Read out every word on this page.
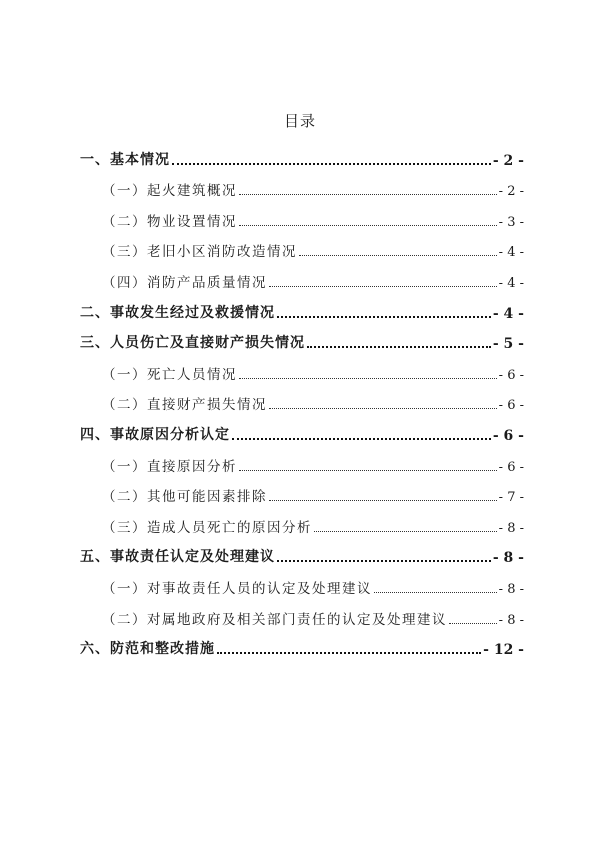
目录
一、基本情况	- 2 -
（一）起火建筑概况	- 2 -
（二）物业设置情况	- 3 -
（三）老旧小区消防改造情况	- 4 -
（四）消防产品质量情况	- 4 -
二、事故发生经过及救援情况	- 4 -
三、人员伤亡及直接财产损失情况	- 5 -
（一）死亡人员情况	- 6 -
（二）直接财产损失情况	- 6 -
四、事故原因分析认定	- 6 -
（一）直接原因分析	- 6 -
（二）其他可能因素排除	- 7 -
（三）造成人员死亡的原因分析	- 8 -
五、事故责任认定及处理建议	- 8 -
（一）对事故责任人员的认定及处理建议	- 8 -
（二）对属地政府及相关部门责任的认定及处理建议	- 8 -
六、防范和整改措施	- 12 -
